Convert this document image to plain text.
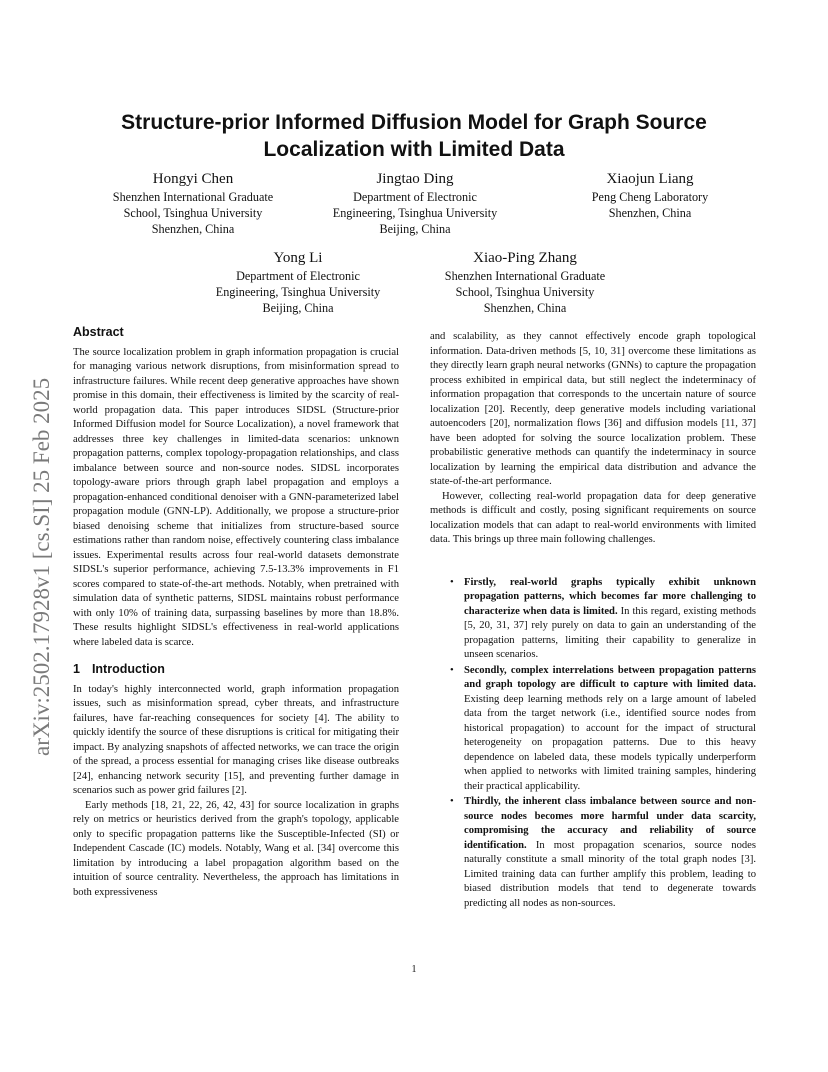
arXiv:2502.17928v1 [cs.SI] 25 Feb 2025
Structure-prior Informed Diffusion Model for Graph Source Localization with Limited Data
Hongyi Chen
Shenzhen International Graduate
School, Tsinghua University
Shenzhen, China
Jingtao Ding
Department of Electronic
Engineering, Tsinghua University
Beijing, China
Xiaojun Liang
Peng Cheng Laboratory
Shenzhen, China
Yong Li
Department of Electronic
Engineering, Tsinghua University
Beijing, China
Xiao-Ping Zhang
Shenzhen International Graduate
School, Tsinghua University
Shenzhen, China
Abstract

The source localization problem in graph information propagation is crucial for managing various network disruptions, from misinformation spread to infrastructure failures. While recent deep generative approaches have shown promise in this domain, their effectiveness is limited by the scarcity of real-world propagation data. This paper introduces SIDSL (Structure-prior Informed Diffusion model for Source Localization), a novel framework that addresses three key challenges in limited-data scenarios: unknown propagation patterns, complex topology-propagation relationships, and class imbalance between source and non-source nodes. SIDSL incorporates topology-aware priors through graph label propagation and employs a propagation-enhanced conditional denoiser with a GNN-parameterized label propagation module (GNN-LP). Additionally, we propose a structure-prior biased denoising scheme that initializes from structure-based source estimations rather than random noise, effectively countering class imbalance issues. Experimental results across four real-world datasets demonstrate SIDSL's superior performance, achieving 7.5-13.3% improvements in F1 scores compared to state-of-the-art methods. Notably, when pretrained with simulation data of synthetic patterns, SIDSL maintains robust performance with only 10% of training data, surpassing baselines by more than 18.8%. These results highlight SIDSL's effectiveness in real-world applications where labeled data is scarce.

1 Introduction

In today's highly interconnected world, graph information propagation issues, such as misinformation spread, cyber threats, and infrastructure failures, have far-reaching consequences for society [4]. The ability to quickly identify the source of these disruptions is critical for mitigating their impact. By analyzing snapshots of affected networks, we can trace the origin of the spread, a process essential for managing crises like disease outbreaks [24], enhancing network security [15], and preventing further damage in scenarios such as power grid failures [2].

Early methods [18, 21, 22, 26, 42, 43] for source localization in graphs rely on metrics or heuristics derived from the graph's topology, applicable only to specific propagation patterns like the Susceptible-Infected (SI) or Independent Cascade (IC) models. Notably, Wang et al. [34] overcome this limitation by introducing a label propagation algorithm based on the intuition of source centrality. Nevertheless, the approach has limitations in both expressiveness

and scalability, as they cannot effectively encode graph topological information. Data-driven methods [5, 10, 31] overcome these limitations as they directly learn graph neural networks (GNNs) to capture the propagation process exhibited in empirical data, but still neglect the indeterminacy of information propagation that corresponds to the uncertain nature of source localization [20]. Recently, deep generative models including variational autoencoders [20], normalization flows [36] and diffusion models [11, 37] have been adopted for solving the source localization problem. These probabilistic generative methods can quantify the indeterminacy in source localization by learning the empirical data distribution and advance the state-of-the-art performance.

However, collecting real-world propagation data for deep generative methods is difficult and costly, posing significant requirements on source localization models that can adapt to real-world environments with limited data. This brings up three main following challenges.

• Firstly, real-world graphs typically exhibit unknown propagation patterns, which becomes far more challenging to characterize when data is limited. In this regard, existing methods [5, 20, 31, 37] rely purely on data to gain an understanding of the propagation patterns, limiting their capability to generalize in unseen scenarios.
• Secondly, complex interrelations between propagation patterns and graph topology are difficult to capture with limited data. Existing deep learning methods rely on a large amount of labeled data from the target network (i.e., identified source nodes from historical propagation) to account for the impact of structural heterogeneity on propagation patterns. Due to this heavy dependence on labeled data, these models typically underperform when applied to networks with limited training samples, hindering their practical applicability.
• Thirdly, the inherent class imbalance between source and non-source nodes becomes more harmful under data scarcity, compromising the accuracy and reliability of source identification. In most propagation scenarios, source nodes naturally constitute a small minority of the total graph nodes [3]. Limited training data can further amplify this problem, leading to biased distribution models that tend to degenerate towards predicting all nodes as non-sources.
1
